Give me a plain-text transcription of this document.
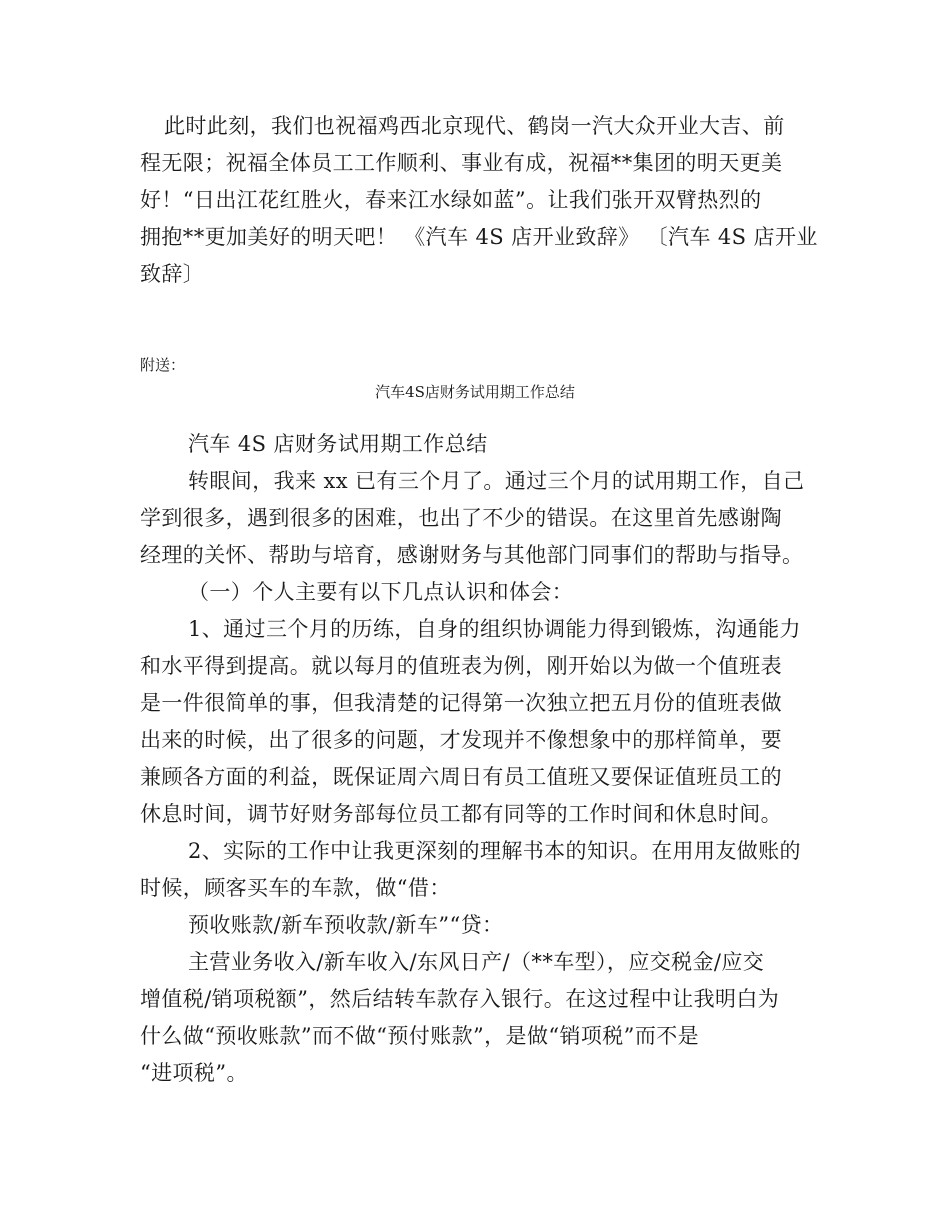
此时此刻，我们也祝福鸡西北京现代、鹤岗一汽大众开业大吉、前
程无限；祝福全体员工工作顺利、事业有成，祝福**集团的明天更美
好！“日出江花红胜火，春来江水绿如蓝”。让我们张开双臂热烈的
拥抱**更加美好的明天吧！ 《汽车 4S 店开业致辞》 〔汽车 4S 店开业
致辞〕
附送：
汽车4S店财务试用期工作总结
汽车 4S 店财务试用期工作总结
转眼间，我来 xx 已有三个月了。通过三个月的试用期工作，自己
学到很多，遇到很多的困难，也出了不少的错误。在这里首先感谢陶
经理的关怀、帮助与培育，感谢财务与其他部门同事们的帮助与指导。
（一）个人主要有以下几点认识和体会：
1、通过三个月的历练，自身的组织协调能力得到锻炼，沟通能力
和水平得到提高。就以每月的值班表为例，刚开始以为做一个值班表
是一件很简单的事，但我清楚的记得第一次独立把五月份的值班表做
出来的时候，出了很多的问题，才发现并不像想象中的那样简单，要
兼顾各方面的利益，既保证周六周日有员工值班又要保证值班员工的
休息时间，调节好财务部每位员工都有同等的工作时间和休息时间。
2、实际的工作中让我更深刻的理解书本的知识。在用用友做账的
时候，顾客买车的车款，做“借：
预收账款/新车预收款/新车”“贷：
主营业务收入/新车收入/东风日产/（**车型），应交税金/应交
增值税/销项税额”，然后结转车款存入银行。在这过程中让我明白为
什么做“预收账款”而不做“预付账款”，是做“销项税”而不是
“进项税”。
